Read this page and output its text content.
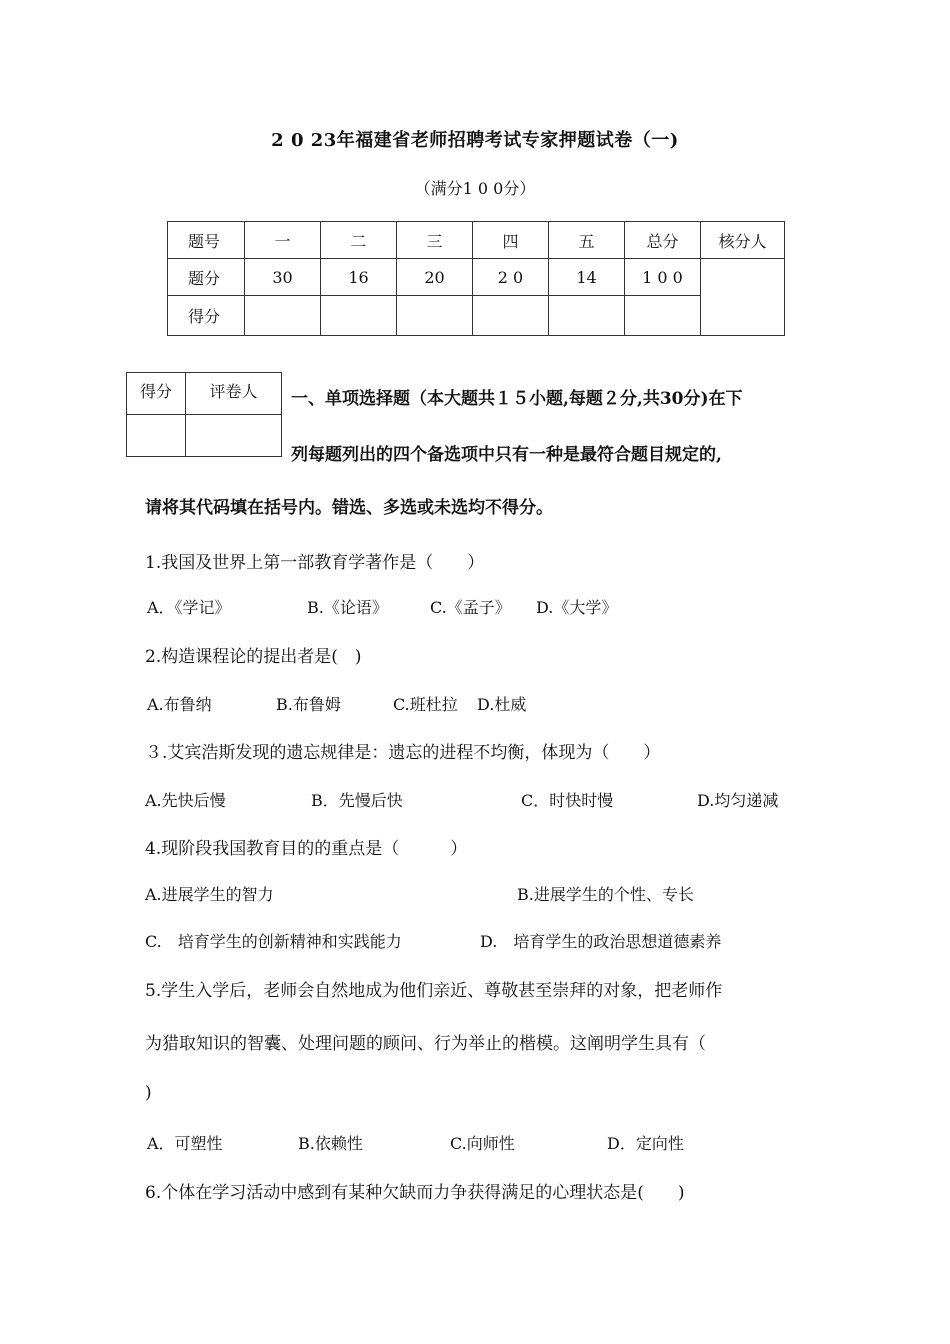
2 0 23年福建省老师招聘考试专家押题试卷（一)
（满分1 0 0分）
题号	一	二	三	四	五	总分	核分人
题分	30	16	20	2 0	14	1 0 0	
得分							
得分	评卷人
	一、单项选择题（本大题共１５小题,每题２分,共30分)在下
列每题列出的四个备选项中只有一种是最符合题目规定的,
请将其代码填在括号内。错选、多选或未选均不得分。
1.我国及世界上第一部教育学著作是（　　）
A．《学记》	B.《论语》	C.《孟子》 D.《大学》
2.构造课程论的提出者是(　)
A.布鲁纳	B.布鲁姆	C.班杜拉 D.杜威
３.艾宾浩斯发现的遗忘规律是：遗忘的进程不均衡，体现为（　　）
A.先快后慢	B．先慢后快	C．时快时慢	D.均匀递减
4.现阶段我国教育目的的重点是（　　　）
A.进展学生的智力	B.进展学生的个性、专长
C.　培育学生的创新精神和实践能力	D.　培育学生的政治思想道德素养
5.学生入学后，老师会自然地成为他们亲近、尊敬甚至崇拜的对象，把老师作
为猎取知识的智囊、处理问题的顾问、行为举止的楷模。这阐明学生具有（
)
A．可塑性	B.依赖性	C.向师性	D．定向性
6.个体在学习活动中感到有某种欠缺而力争获得满足的心理状态是(　　)
